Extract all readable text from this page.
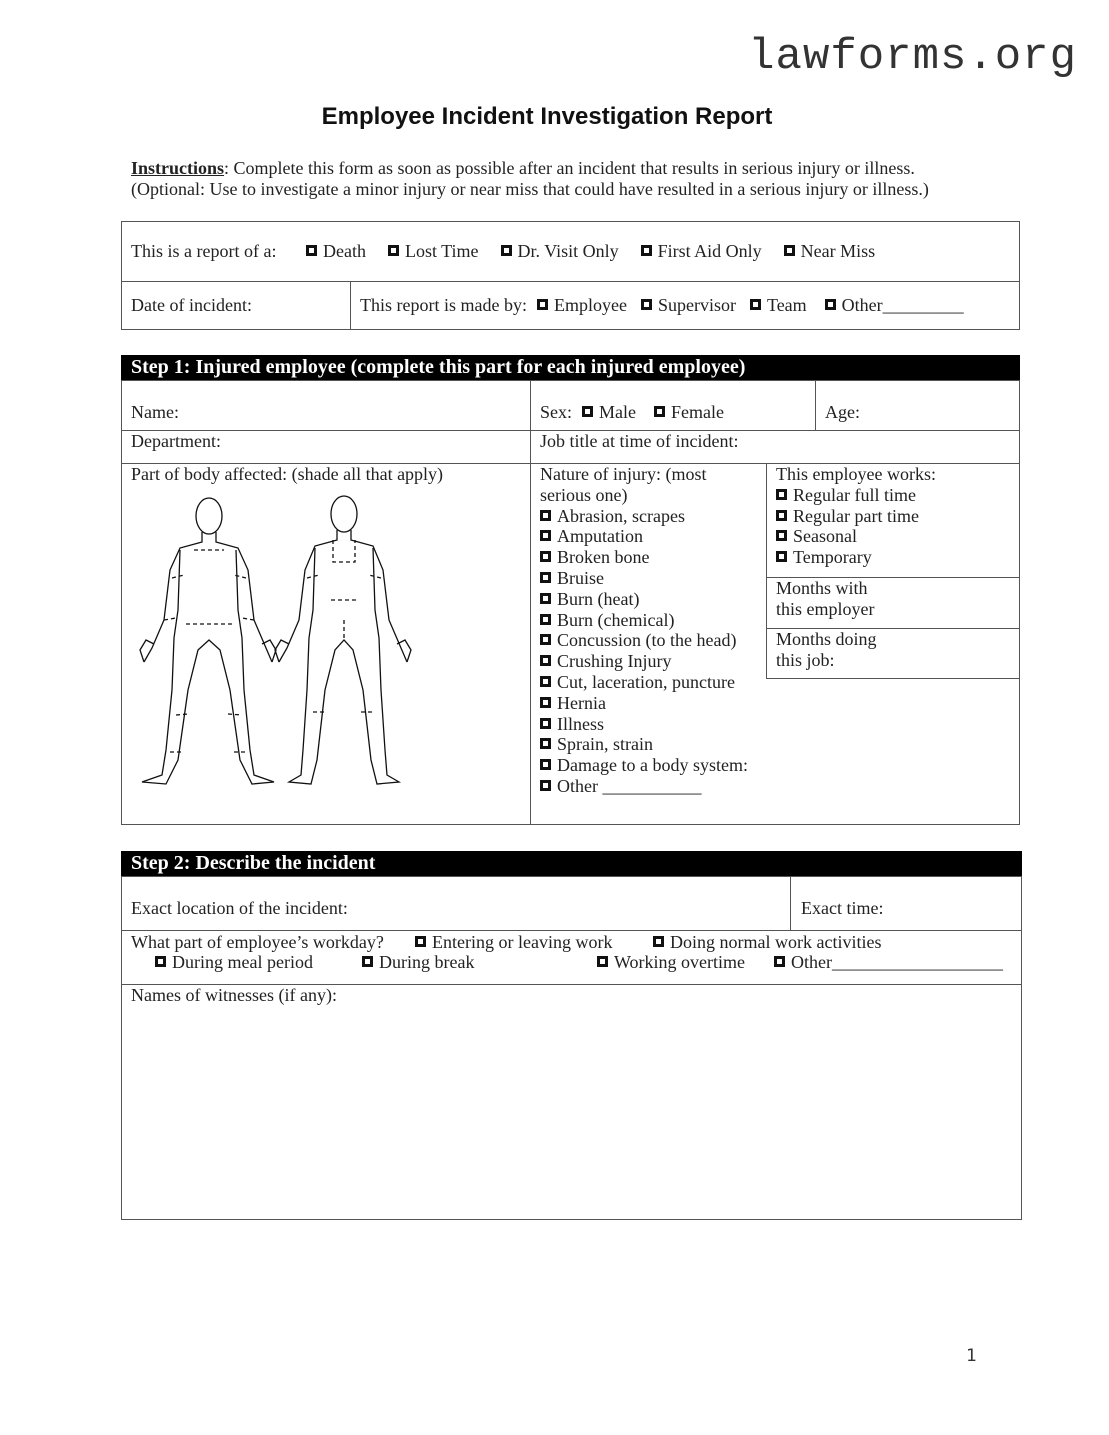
lawforms.org
Employee Incident Investigation Report
Instructions: Complete this form as soon as possible after an incident that results in serious injury or illness.
(Optional: Use to investigate a minor injury or near miss that could have resulted in a serious injury or illness.)
This is a report of a:	Death Lost Time Dr. Visit Only First Aid Only Near Miss
Date of incident:	This report is made by: Employee Supervisor Team Other_________
Step 1: Injured employee (complete this part for each injured employee)
Name:	Sex: Male Female	Age:
Department:	Job title at time of incident:
Part of body affected: (shade all that apply)	Nature of injury: (most
serious one)
Abrasion, scrapes
Amputation
Broken bone
Bruise
Burn (heat)
Burn (chemical)
Concussion (to the head)
Crushing Injury
Cut, laceration, puncture
Hernia
Illness
Sprain, strain
Damage to a body system:
Other ___________
This employee works:
Regular full time
Regular part time
Seasonal
Temporary
Months with
this employer
Months doing
this job:
Step 2: Describe the incident
Exact location of the incident:	Exact time:
What part of employee’s workday?	Entering or leaving work	Doing normal work activities
During meal period	During break	Working overtime	Other___________________
Names of witnesses (if any):
1
